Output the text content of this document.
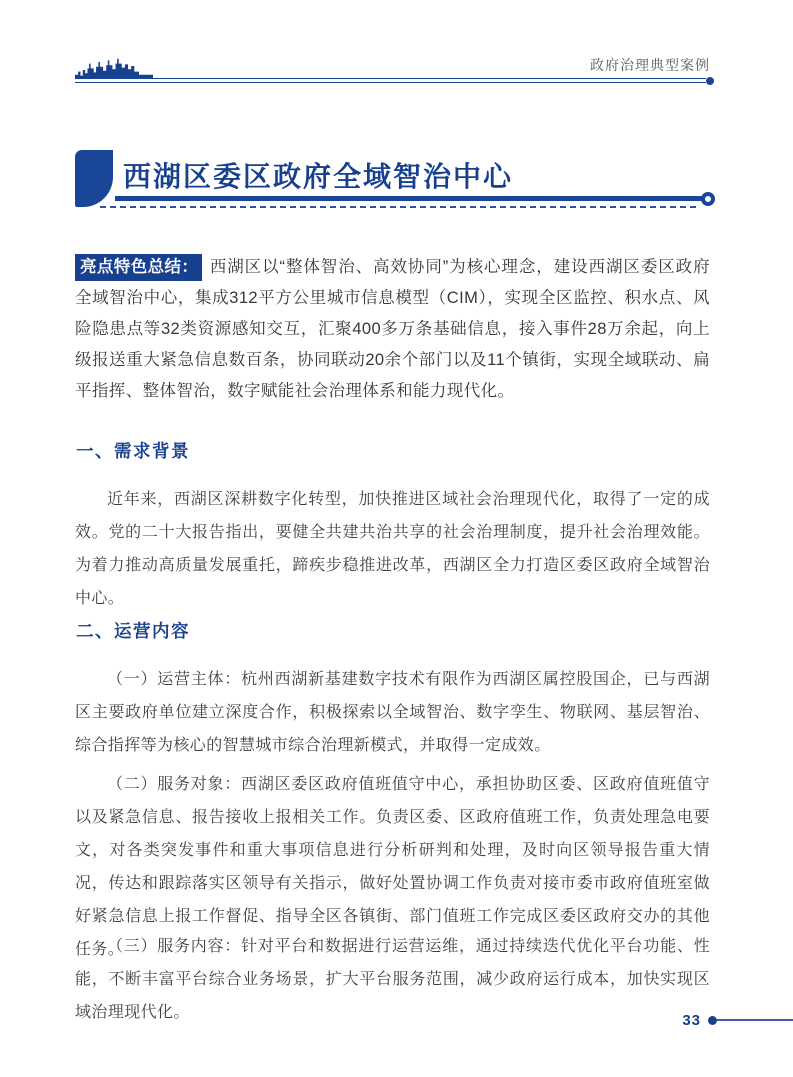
政府治理典型案例
西湖区委区政府全域智治中心

亮点特色总结： 西湖区以“整体智治、高效协同”为核心理念，建设西湖区委区政府全域智治中心，集成312平方公里城市信息模型（CIM），实现全区监控、积水点、风险隐患点等32类资源感知交互，汇聚400多万条基础信息，接入事件28万余起，向上级报送重大紧急信息数百条，协同联动20余个部门以及11个镇街，实现全域联动、扁平指挥、整体智治，数字赋能社会治理体系和能力现代化。

一、需求背景

近年来，西湖区深耕数字化转型，加快推进区域社会治理现代化，取得了一定的成效。党的二十大报告指出，要健全共建共治共享的社会治理制度，提升社会治理效能。为着力推动高质量发展重托，蹄疾步稳推进改革，西湖区全力打造区委区政府全域智治中心。

二、运营内容

（一）运营主体：杭州西湖新基建数字技术有限作为西湖区属控股国企，已与西湖区主要政府单位建立深度合作，积极探索以全域智治、数字孪生、物联网、基层智治、综合指挥等为核心的智慧城市综合治理新模式，并取得一定成效。

（二）服务对象：西湖区委区政府值班值守中心，承担协助区委、区政府值班值守以及紧急信息、报告接收上报相关工作。负责区委、区政府值班工作，负责处理急电要文，对各类突发事件和重大事项信息进行分析研判和处理，及时向区领导报告重大情况，传达和跟踪落实区领导有关指示，做好处置协调工作负责对接市委市政府值班室做好紧急信息上报工作督促、指导全区各镇街、部门值班工作完成区委区政府交办的其他任务。

（三）服务内容：针对平台和数据进行运营运维，通过持续迭代优化平台功能、性能，不断丰富平台综合业务场景，扩大平台服务范围，减少政府运行成本，加快实现区域治理现代化。	33
